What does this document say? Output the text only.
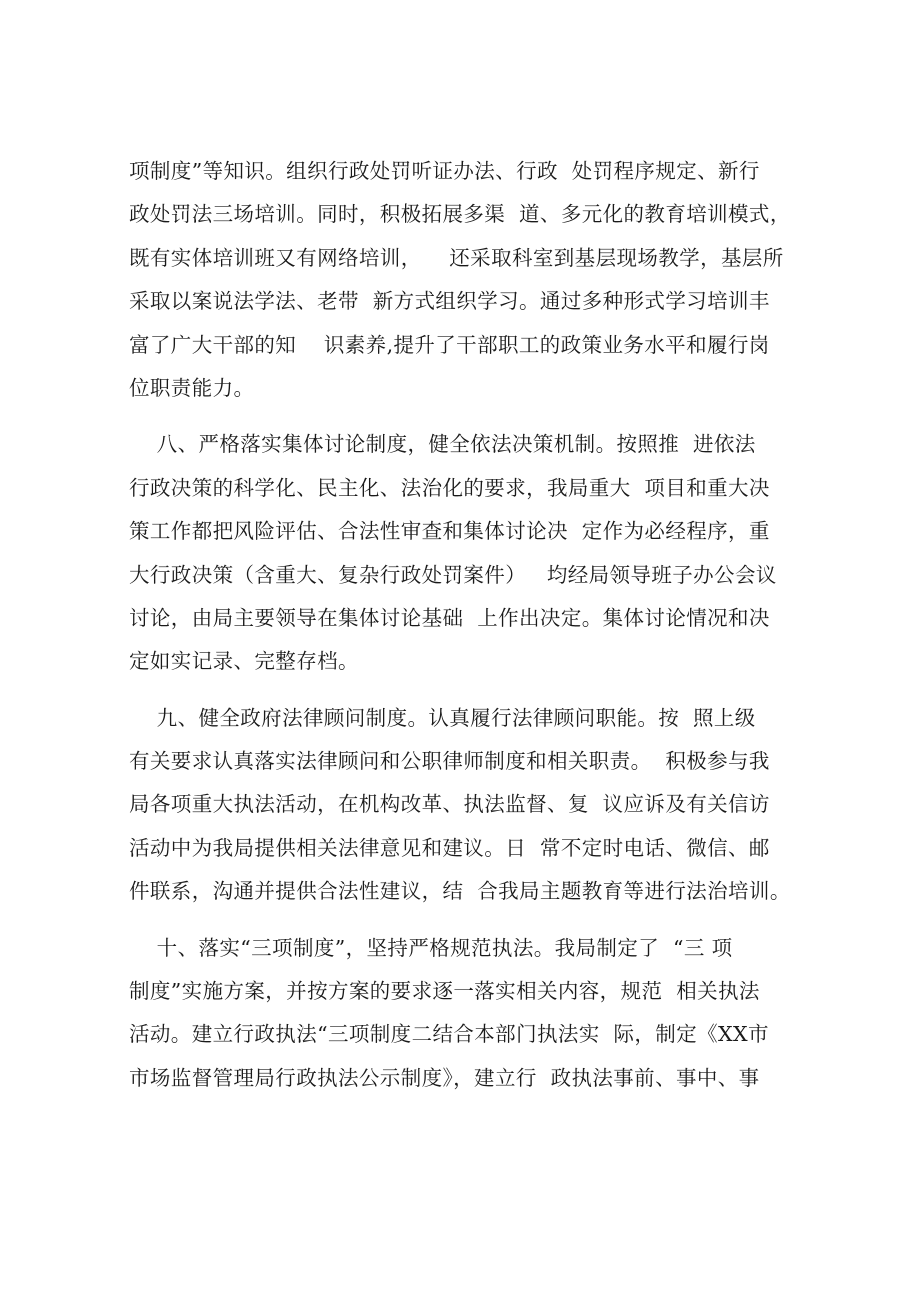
项制度”等知识。组织行政处罚听证办法、行政  处罚程序规定、新行
政处罚法三场培训。同时，积极拓展多渠  道、多元化的教育培训模式，
既有实体培训班又有网络培训，    还采取科室到基层现场教学，基层所
采取以案说法学法、老带  新方式组织学习。通过多种形式学习培训丰
富了广大干部的知    识素养,提升了干部职工的政策业务水平和履行岗
位职责能力。
八、严格落实集体讨论制度，健全依法决策机制。按照推  进依法
行政决策的科学化、民主化、法治化的要求，我局重大  项目和重大决
策工作都把风险评估、合法性审查和集体讨论决  定作为必经程序，重
大行政决策（含重大、复杂行政处罚案件）   均经局领导班子办公会议
讨论，由局主要领导在集体讨论基础  上作出决定。集体讨论情况和决
定如实记录、完整存档。
九、健全政府法律顾问制度。认真履行法律顾问职能。按  照上级
有关要求认真落实法律顾问和公职律师制度和相关职责。  积极参与我
局各项重大执法活动，在机构改革、执法监督、复  议应诉及有关信访
活动中为我局提供相关法律意见和建议。日  常不定时电话、微信、邮
件联系，沟通并提供合法性建议，结  合我局主题教育等进行法治培训。
十、落实“三项制度”，坚持严格规范执法。我局制定了  “三 项
制度”实施方案，并按方案的要求逐一落实相关内容，规范  相关执法
活动。建立行政执法“三项制度二结合本部门执法实  际，制定《XX市
市场监督管理局行政执法公示制度》，建立行  政执法事前、事中、事
